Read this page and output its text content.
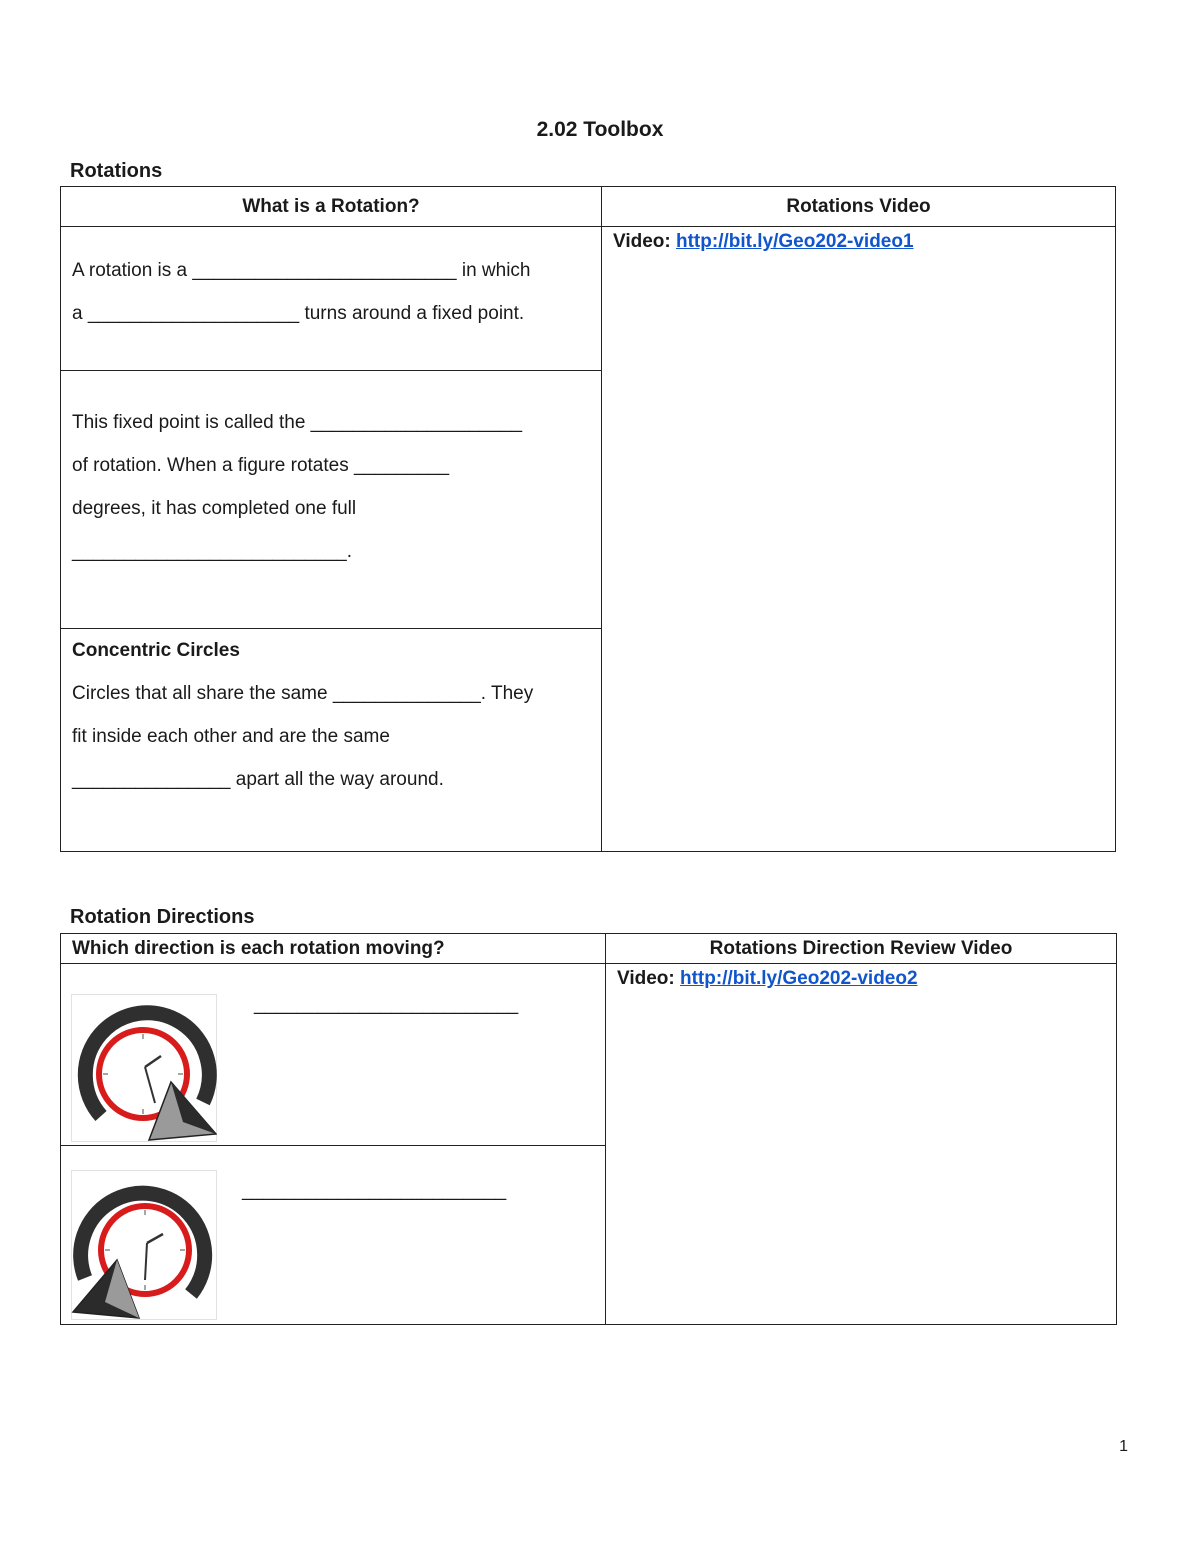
2.02 Toolbox
Rotations
What is a Rotation?	Rotations Video

A rotation is a _________________________ in which
a ____________________ turns around a fixed point.	Video: http://bit.ly/Geo202-video1

This fixed point is called the ____________________
of rotation. When a figure rotates _________
degrees, it has completed one full
__________________________.	

Concentric Circles
Circles that all share the same ______________. They
fit inside each other and are the same
_______________ apart all the way around.	
Rotation Directions
Which direction is each rotation moving?	Rotations Direction Review Video

_________________________	Video: http://bit.ly/Geo202-video2

_________________________	
1
